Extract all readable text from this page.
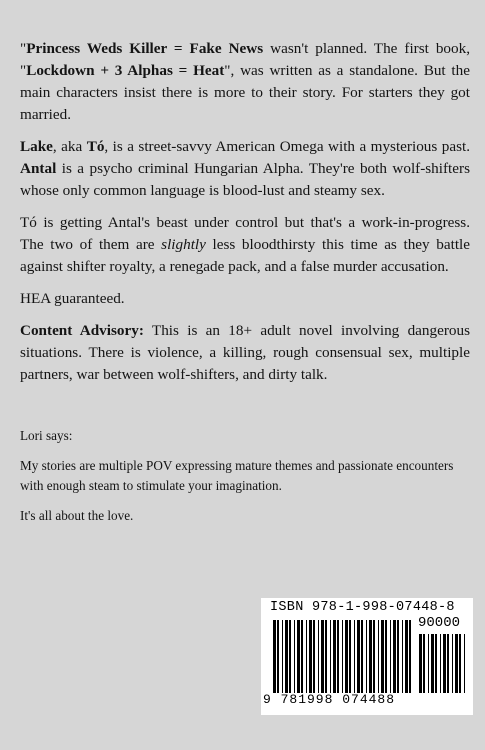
"Princess Weds Killer = Fake News wasn't planned. The first book, "Lockdown + 3 Alphas = Heat", was written as a standalone. But the main characters insist there is more to their story. For starters they got married.

Lake, aka Tó, is a street-savvy American Omega with a mysterious past. Antal is a psycho criminal Hungarian Alpha. They're both wolf-shifters whose only common language is blood-lust and steamy sex.

Tó is getting Antal's beast under control but that's a work-in-progress. The two of them are slightly less bloodthirsty this time as they battle against shifter royalty, a renegade pack, and a false murder accusation.

HEA guaranteed.

Content Advisory: This is an 18+ adult novel involving dangerous situations. There is violence, a killing, rough consensual sex, multiple partners, war between wolf-shifters, and dirty talk.

Lori says:

My stories are multiple POV expressing mature themes and passionate encounters with enough steam to stimulate your imagination.

It's all about the love.

ISBN 978-1-998-07448-8
90000
9 781998 074488
